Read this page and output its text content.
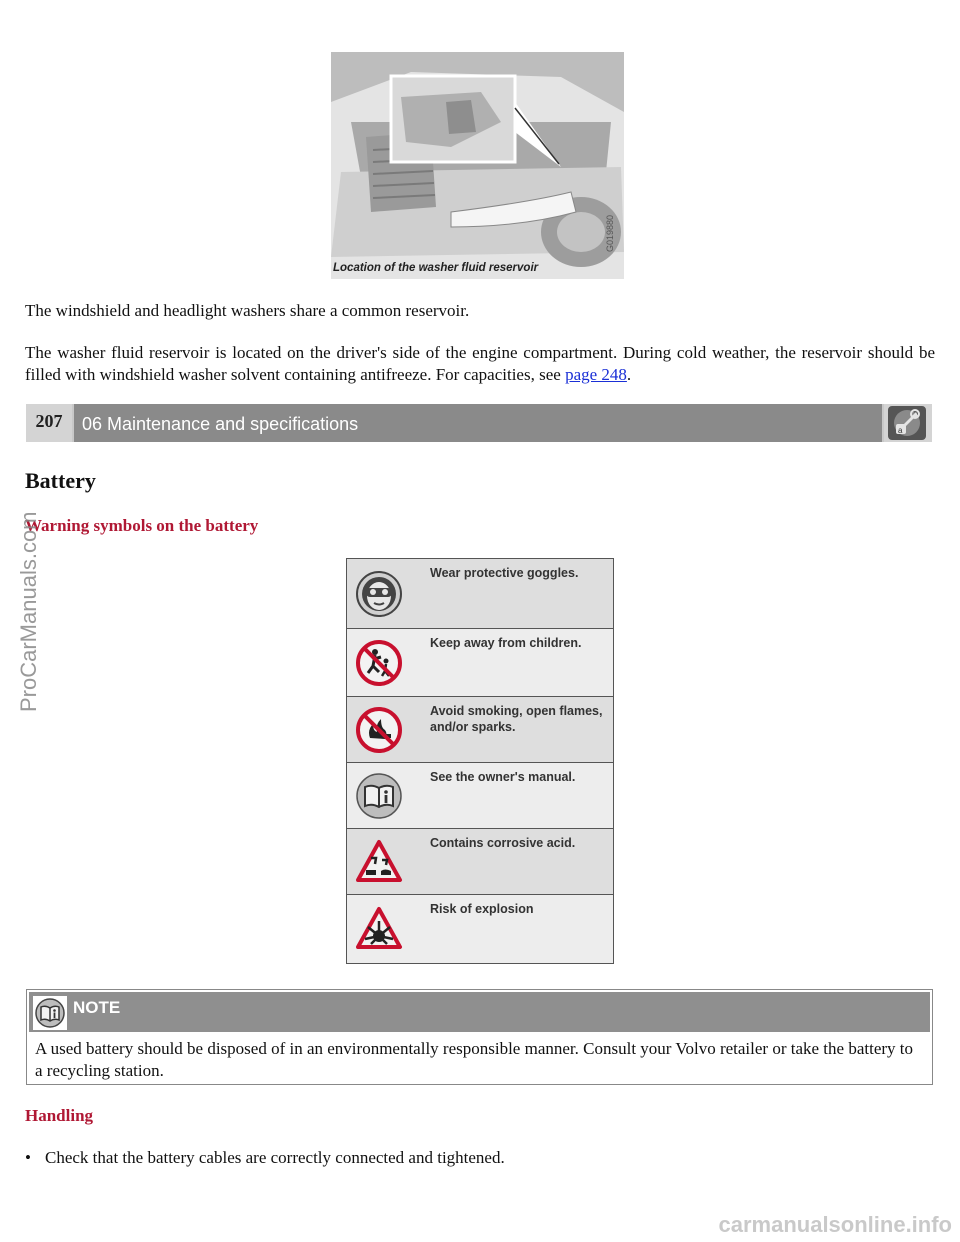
G019880
Location of the washer fluid reservoir
The windshield and headlight washers share a common reservoir.
The washer fluid reservoir is located on the driver's side of the engine compartment. During cold weather, the reservoir should be filled with windshield washer solvent containing antifreeze. For capacities, see page 248.
207	06 Maintenance and specifications	a
Battery
Warning symbols on the battery
Wear protective goggles.
Keep away from children.
Avoid smoking, open flames, and/or sparks.
See the owner's manual.
Contains corrosive acid.
Risk of explosion
NOTE
A used battery should be disposed of in an environmentally responsible manner. Consult your Volvo retailer or take the battery to a recycling station.
Handling
• Check that the battery cables are correctly connected and tightened.
ProCarManuals.com
carmanualsonline.info
